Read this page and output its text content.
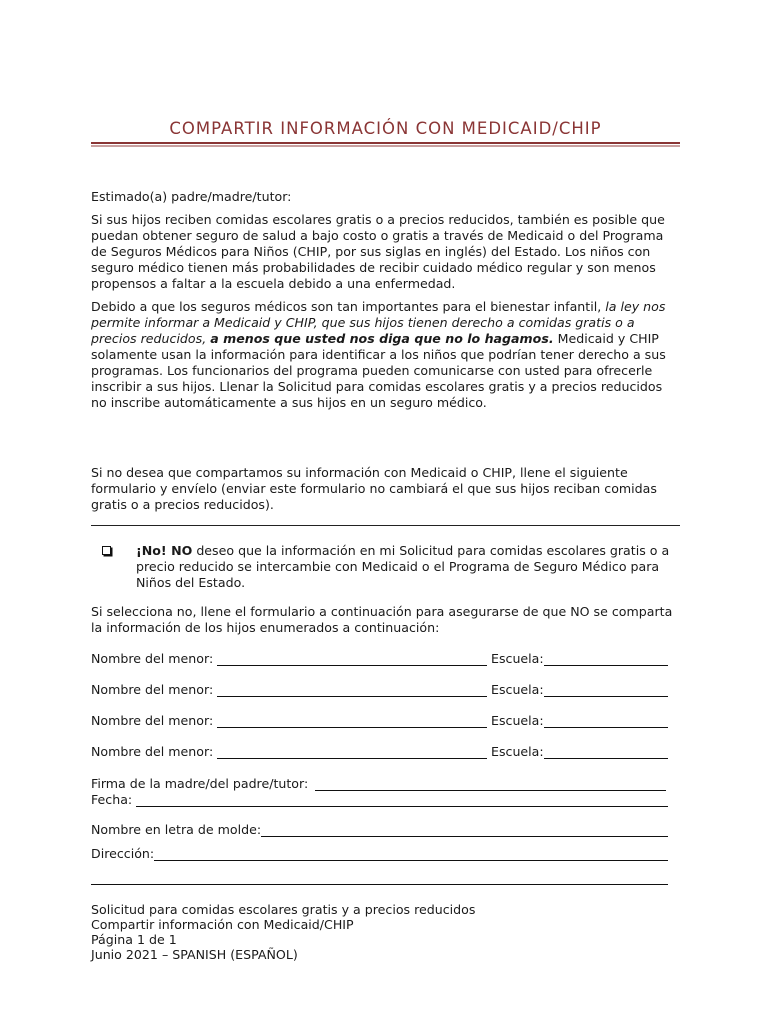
COMPARTIR INFORMACIÓN CON MEDICAID/CHIP
Estimado(a) padre/madre/tutor:
Si sus hijos reciben comidas escolares gratis o a precios reducidos, también es posible que puedan obtener seguro de salud a bajo costo o gratis a través de Medicaid o del Programa de Seguros Médicos para Niños (CHIP, por sus siglas en inglés) del Estado. Los niños con seguro médico tienen más probabilidades de recibir cuidado médico regular y son menos propensos a faltar a la escuela debido a una enfermedad.
Debido a que los seguros médicos son tan importantes para el bienestar infantil, la ley nos permite informar a Medicaid y CHIP, que sus hijos tienen derecho a comidas gratis o a precios reducidos, a menos que usted nos diga que no lo hagamos. Medicaid y CHIP solamente usan la información para identificar a los niños que podrían tener derecho a sus programas. Los funcionarios del programa pueden comunicarse con usted para ofrecerle inscribir a sus hijos. Llenar la Solicitud para comidas escolares gratis y a precios reducidos no inscribe automáticamente a sus hijos en un seguro médico.
Si no desea que compartamos su información con Medicaid o CHIP, llene el siguiente formulario y envíelo (enviar este formulario no cambiará el que sus hijos reciban comidas gratis o a precios reducidos).
¡No! NO deseo que la información en mi Solicitud para comidas escolares gratis o a precio reducido se intercambie con Medicaid o el Programa de Seguro Médico para Niños del Estado.
Si selecciona no, llene el formulario a continuación para asegurarse de que NO se comparta la información de los hijos enumerados a continuación:
Nombre del menor:	Escuela:
Nombre del menor:	Escuela:
Nombre del menor:	Escuela:
Nombre del menor:	Escuela:
Firma de la madre/del padre/tutor:
Fecha:
Nombre en letra de molde:
Dirección:
Solicitud para comidas escolares gratis y a precios reducidos
Compartir información con Medicaid/CHIP
Página 1 de 1
Junio 2021 – SPANISH (ESPAÑOL)
